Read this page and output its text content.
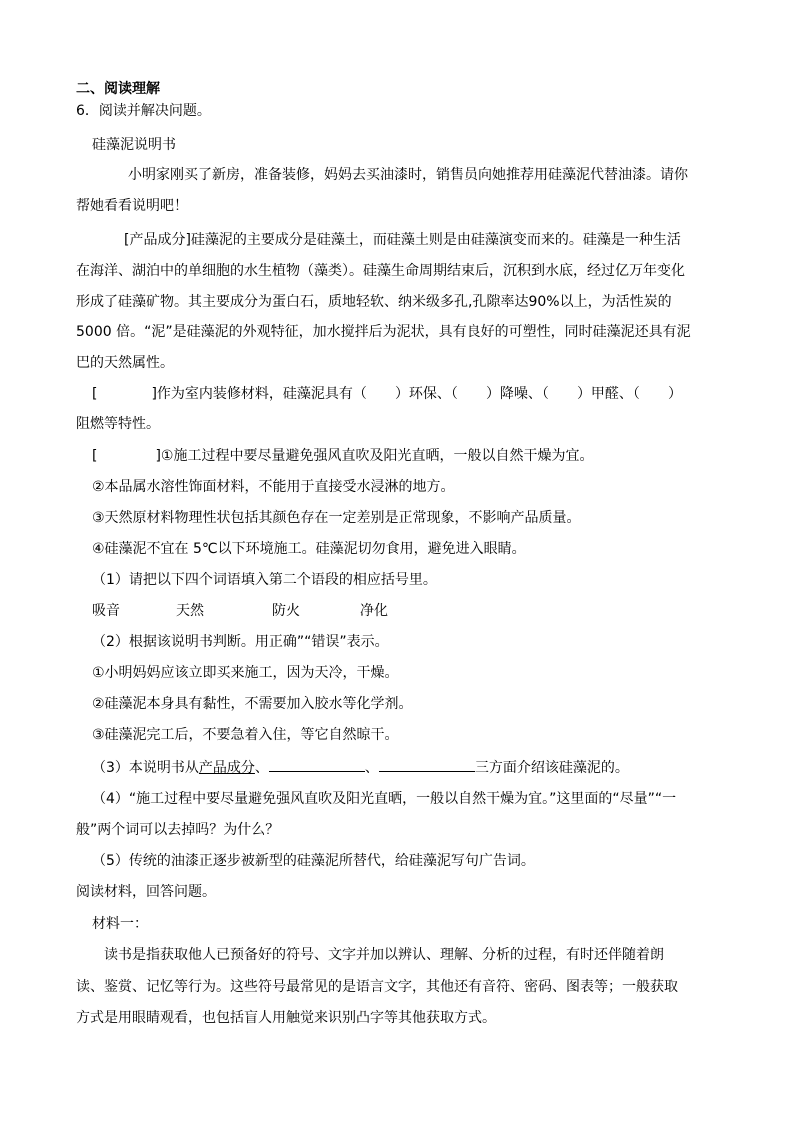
二、阅读理解
6．阅读并解决问题。
硅藻泥说明书
小明家刚买了新房，准备装修，妈妈去买油漆时，销售员向她推荐用硅藻泥代替油漆。请你
帮她看看说明吧！
[产品成分]硅藻泥的主要成分是硅藻土，而硅藻土则是由硅藻演变而来的。硅藻是一种生活
在海洋、湖泊中的单细胞的水生植物（藻类）。硅藻生命周期结束后，沉积到水底，经过亿万年变化
形成了硅藻矿物。其主要成分为蛋白石，质地轻软、纳米级多孔,孔隙率达90%以上，为活性炭的
5000 倍。“泥”是硅藻泥的外观特征，加水搅拌后为泥状，具有良好的可塑性，同时硅藻泥还具有泥
巴的天然属性。
[	]作为室内装修材料，硅藻泥具有（ ）环保、（ ）降噪、（ ）甲醛、（ ）
阻燃等特性。
[	]①施工过程中要尽量避免强风直吹及阳光直晒，一般以自然干燥为宜。
②本品属水溶性饰面材料，不能用于直接受水浸淋的地方。
③天然原材料物理性状包括其颜色存在一定差别是正常现象，不影响产品质量。
④硅藻泥不宜在 5℃以下环境施工。硅藻泥切勿食用，避免进入眼睛。
（1）请把以下四个词语填入第二个语段的相应括号里。
吸音	天然	防火	净化
（2）根据该说明书判断。用正确”“错误”表示。
①小明妈妈应该立即买来施工，因为天冷，干燥。
②硅藻泥本身具有黏性，不需要加入胶水等化学剂。
③硅藻泥完工后，不要急着入住，等它自然晾干。
（3）本说明书从产品成分、	、	三方面介绍该硅藻泥的。
（4）“施工过程中要尽量避免强风直吹及阳光直晒，一般以自然干燥为宜。”这里面的“尽量”“一
般”两个词可以去掉吗？为什么？
（5）传统的油漆正逐步被新型的硅藻泥所替代，给硅藻泥写句广告词。
阅读材料，回答问题。
材料一：
读书是指获取他人已预备好的符号、文字并加以辨认、理解、分析的过程，有时还伴随着朗
读、鉴赏、记忆等行为。这些符号最常见的是语言文字，其他还有音符、密码、图表等；一般获取
方式是用眼睛观看，也包括盲人用触觉来识别凸字等其他获取方式。
